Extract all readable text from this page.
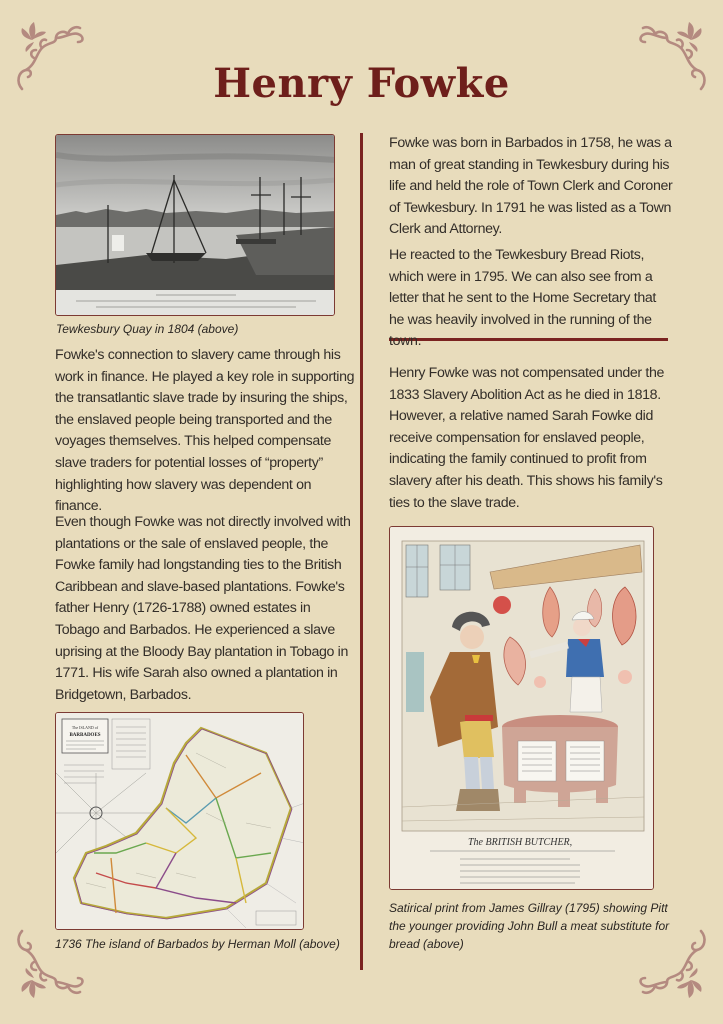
Henry Fowke
Tewkesbury Quay in 1804 (above)

Fowke's connection to slavery came through his work in finance. He played a key role in supporting the transatlantic slave trade by insuring the ships, the enslaved people being transported and the voyages themselves. This helped compensate slave traders for potential losses of “property” highlighting how slavery was dependent on finance.

Even though Fowke was not directly involved with plantations or the sale of enslaved people, the Fowke family had longstanding ties to the British Caribbean and slave-based plantations. Fowke's father Henry (1726-1788) owned estates in Tobago and Barbados. He experienced a slave uprising at the Bloody Bay plantation in Tobago in 1771. His wife Sarah also owned a plantation in Bridgetown, Barbados.

The ISLAND of
BARBADOES
1736 The island of Barbados by Herman Moll (above)

Fowke was born in Barbados in 1758, he was a man of great standing in Tewkesbury during his life and held the role of Town Clerk and Coroner of Tewkesbury. In 1791 he was listed as a Town Clerk and Attorney.

He reacted to the Tewkesbury Bread Riots, which were in 1795. We can also see from a letter that he sent to the Home Secretary that he was heavily involved in the running of the town.

Henry Fowke was not compensated under the 1833 Slavery Abolition Act as he died in 1818. However, a relative named Sarah Fowke did receive compensation for enslaved people, indicating the family continued to profit from slavery after his death. This shows his family's ties to the slave trade.

The BRITISH BUTCHER,
Satirical print from James Gillray (1795) showing Pitt the younger providing John Bull a meat substitute for bread (above)
